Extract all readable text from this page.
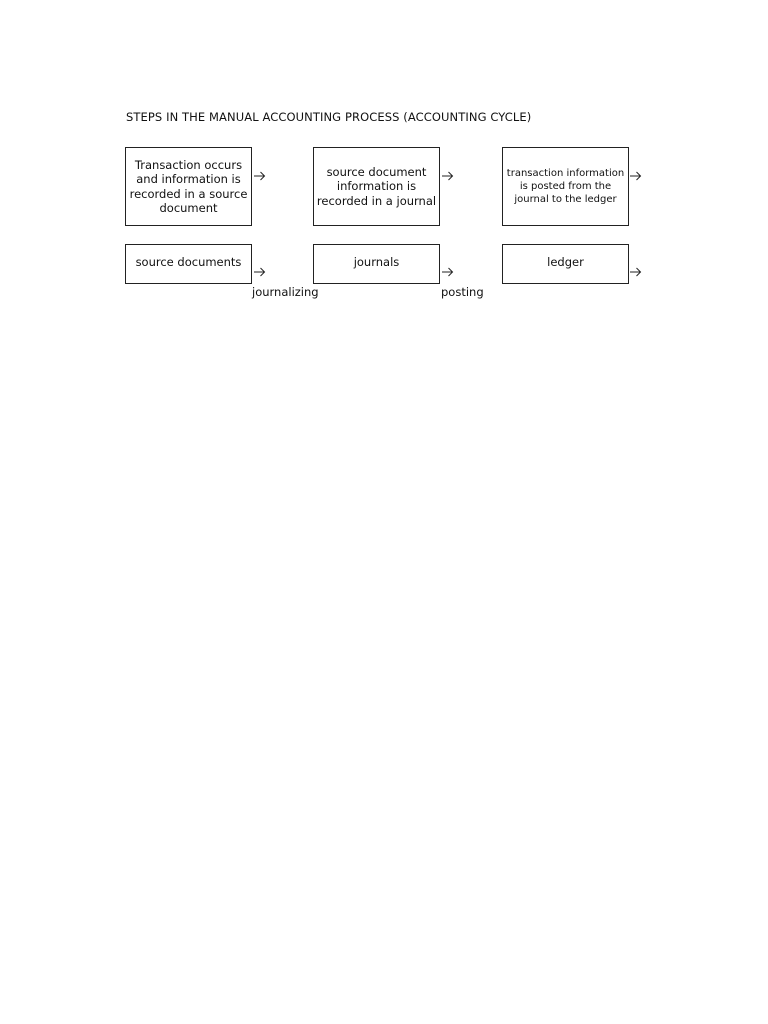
STEPS IN THE MANUAL ACCOUNTING PROCESS (ACCOUNTING CYCLE)
Transaction occurs and information is recorded in a source document
source document information is recorded in a journal
transaction information is posted from the journal to the ledger
source documents
journalizing
journals
posting
ledger
